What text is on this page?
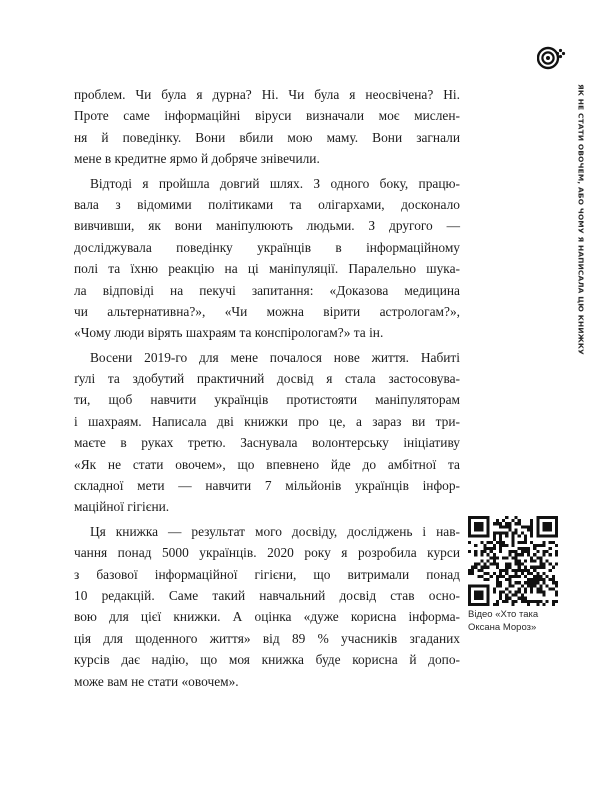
ЯК НЕ СТАТИ ОВОЧЕМ, АБО ЧОМУ Я НАПИСАЛА ЦЮ КНИЖКУ
проблем. Чи була я дурна? Ні. Чи була я неосвічена? Ні.
Проте саме інформаційні віруси визначали моє мислен-
ня й поведінку. Вони вбили мою маму. Вони загнали
мене в кредитне ярмо й добряче знівечили.
Відтоді я пройшла довгий шлях. З одного боку, працю-
вала з відомими політиками та олігархами, досконало
вивчивши, як вони маніпулюють людьми. З другого —
досліджувала поведінку українців в інформаційному
полі та їхню реакцію на ці маніпуляції. Паралельно шука-
ла відповіді на пекучі запитання: «Доказова медицина
чи альтернативна?», «Чи можна вірити астрологам?»,
«Чому люди вірять шахраям та конспірологам?» та ін.
Восени 2019-го для мене почалося нове життя. Набиті
ґулі та здобутий практичний досвід я стала застосовува-
ти, щоб навчити українців протистояти маніпуляторам
і шахраям. Написала дві книжки про це, а зараз ви три-
маєте в руках третю. Заснувала волонтерську ініціативу
«Як не стати овочем», що впевнено йде до амбітної та
складної мети — навчити 7 мільйонів українців інфор-
маційної гігієни.
Ця книжка — результат мого досвіду, досліджень і нав-
чання понад 5000 українців. 2020 року я розробила курси
з базової інформаційної гігієни, що витримали понад
10 редакцій. Саме такий навчальний досвід став осно-
вою для цієї книжки. А оцінка «дуже корисна інформа-
ція для щоденного життя» від 89 % учасників згаданих
курсів дає надію, що моя книжка буде корисна й допо-
може вам не стати «овочем».
Відео «Хто така
Оксана Мороз»
